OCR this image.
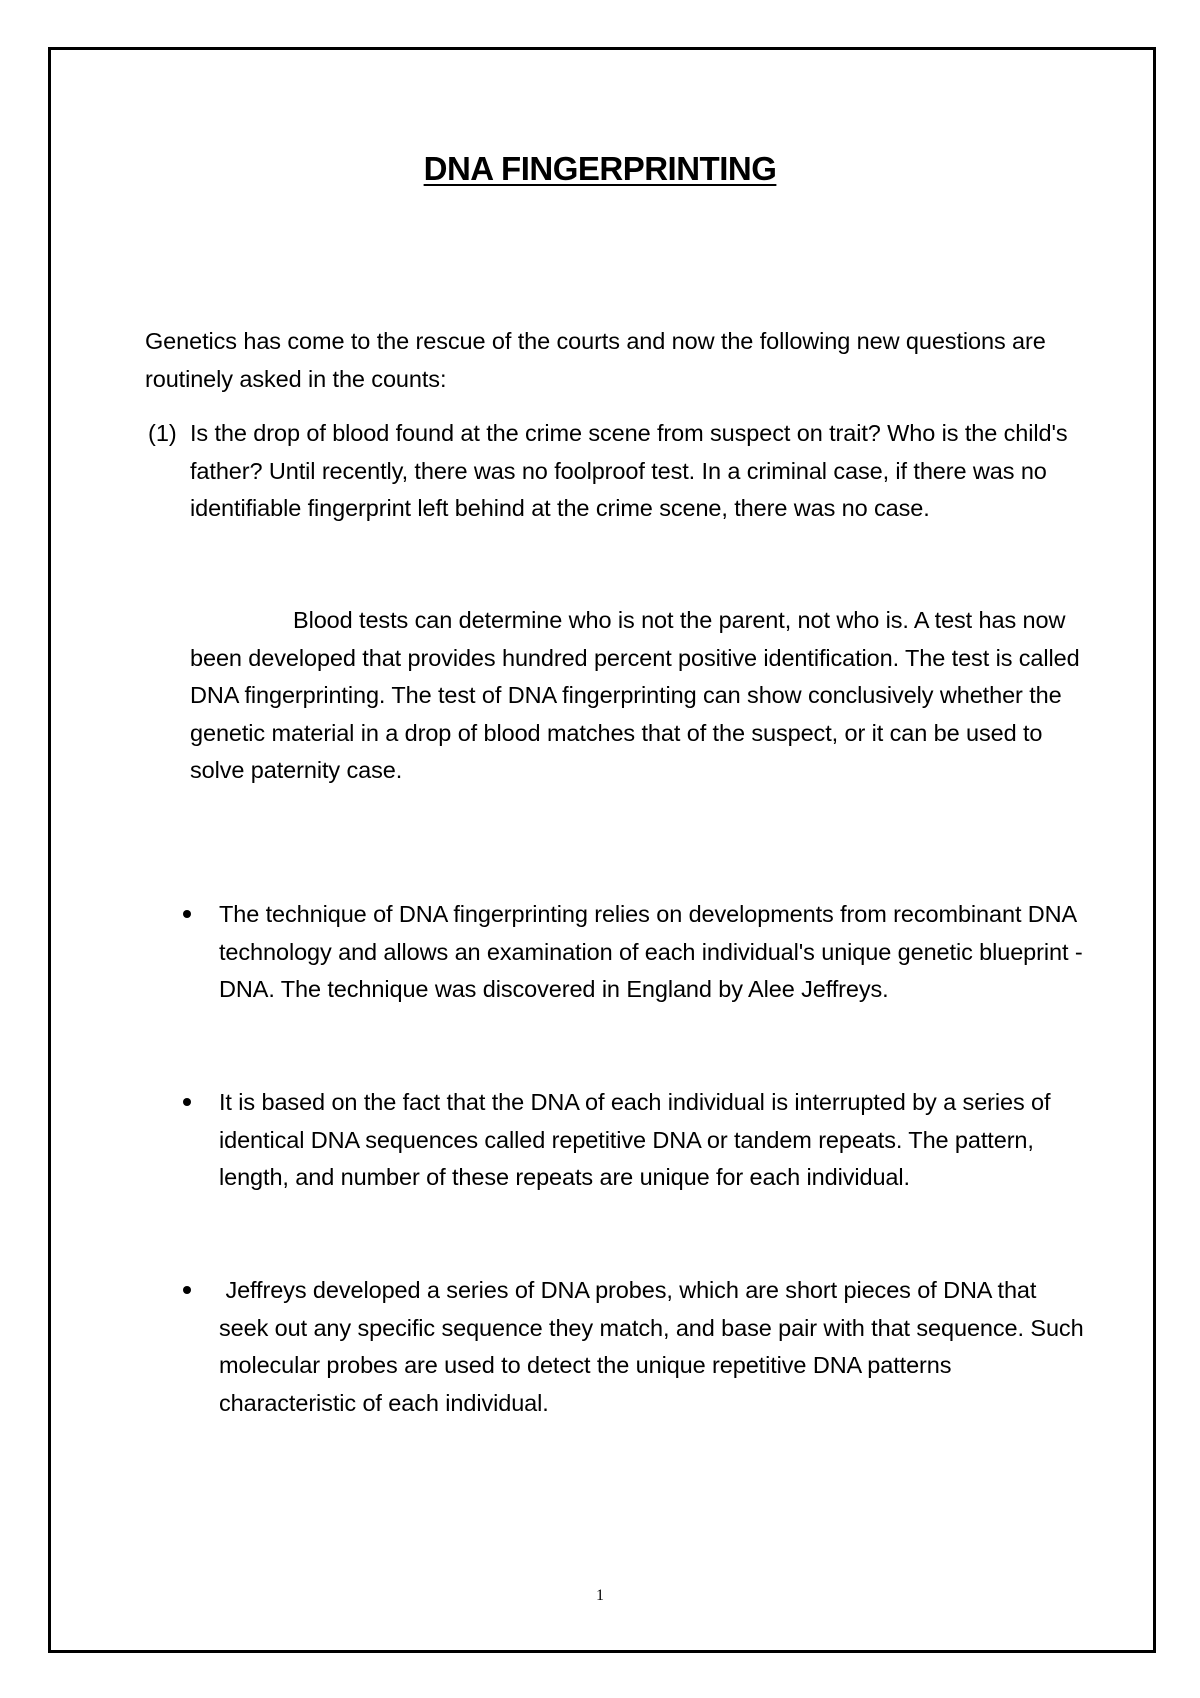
DNA FINGERPRINTING

Genetics has come to the rescue of the courts and now the following new questions are routinely asked in the counts:

(1) Is the drop of blood found at the crime scene from suspect on trait? Who is the child's father? Until recently, there was no foolproof test. In a criminal case, if there was no identifiable fingerprint left behind at the crime scene, there was no case.

Blood tests can determine who is not the parent, not who is. A test has now been developed that provides hundred percent positive identification. The test is called DNA fingerprinting. The test of DNA fingerprinting can show conclusively whether the genetic material in a drop of blood matches that of the suspect, or it can be used to solve paternity case.

The technique of DNA fingerprinting relies on developments from recombinant DNA technology and allows an examination of each individual's unique genetic blueprint - DNA. The technique was discovered in England by Alee Jeffreys.

It is based on the fact that the DNA of each individual is interrupted by a series of identical DNA sequences called repetitive DNA or tandem repeats. The pattern, length, and number of these repeats are unique for each individual.

Jeffreys developed a series of DNA probes, which are short pieces of DNA that seek out any specific sequence they match, and base pair with that sequence. Such molecular probes are used to detect the unique repetitive DNA patterns characteristic of each individual.

1
